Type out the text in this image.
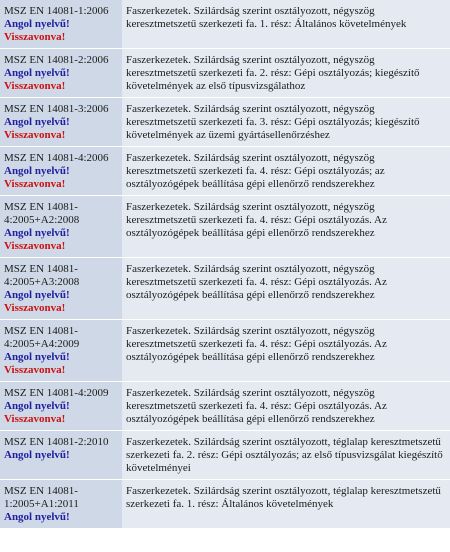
MSZ EN 14081-1:2006
Angol nyelvű!
Visszavonva!	Faszerkezetek. Szilárdság szerint osztályozott, négyszög keresztmetszetű szerkezeti fa. 1. rész: Általános követelmények

MSZ EN 14081-2:2006
Angol nyelvű!
Visszavonva!	Faszerkezetek. Szilárdság szerint osztályozott, négyszög keresztmetszetű szerkezeti fa. 2. rész: Gépi osztályozás; kiegészítő követelmények az első típusvizsgálathoz

MSZ EN 14081-3:2006
Angol nyelvű!
Visszavonva!	Faszerkezetek. Szilárdság szerint osztályozott, négyszög keresztmetszetű szerkezeti fa. 3. rész: Gépi osztályozás; kiegészítő követelmények az üzemi gyártásellenőrzéshez

MSZ EN 14081-4:2006
Angol nyelvű!
Visszavonva!	Faszerkezetek. Szilárdság szerint osztályozott, négyszög keresztmetszetű szerkezeti fa. 4. rész: Gépi osztályozás; az osztályozógépek beállítása gépi ellenőrző rendszerekhez

MSZ EN 14081-4:2005+A2:2008
Angol nyelvű!
Visszavonva!	Faszerkezetek. Szilárdság szerint osztályozott, négyszög keresztmetszetű szerkezeti fa. 4. rész: Gépi osztályozás. Az osztályozógépek beállítása gépi ellenőrző rendszerekhez

MSZ EN 14081-4:2005+A3:2008
Angol nyelvű!
Visszavonva!	Faszerkezetek. Szilárdság szerint osztályozott, négyszög keresztmetszetű szerkezeti fa. 4. rész: Gépi osztályozás. Az osztályozógépek beállítása gépi ellenőrző rendszerekhez

MSZ EN 14081-4:2005+A4:2009
Angol nyelvű!
Visszavonva!	Faszerkezetek. Szilárdság szerint osztályozott, négyszög keresztmetszetű szerkezeti fa. 4. rész: Gépi osztályozás. Az osztályozógépek beállítása gépi ellenőrző rendszerekhez

MSZ EN 14081-4:2009
Angol nyelvű!
Visszavonva!	Faszerkezetek. Szilárdság szerint osztályozott, négyszög keresztmetszetű szerkezeti fa. 4. rész: Gépi osztályozás. Az osztályozógépek beállítása gépi ellenőrző rendszerekhez

MSZ EN 14081-2:2010
Angol nyelvű!	Faszerkezetek. Szilárdság szerint osztályozott, téglalap keresztmetszetű szerkezeti fa. 2. rész: Gépi osztályozás; az első típusvizsgálat kiegészítő követelményei

MSZ EN 14081-1:2005+A1:2011
Angol nyelvű!	Faszerkezetek. Szilárdság szerint osztályozott, téglalap keresztmetszetű szerkezeti fa. 1. rész: Általános követelmények
